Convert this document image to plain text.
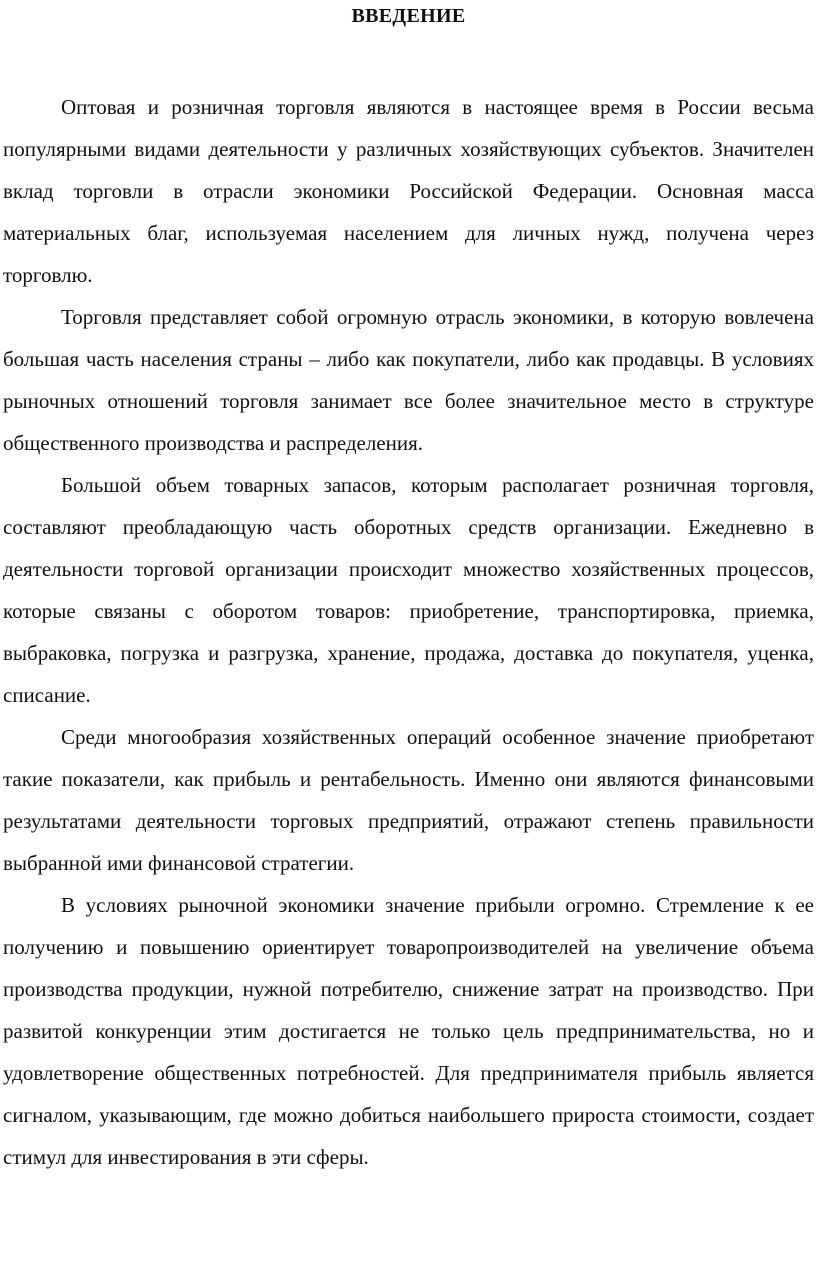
ВВЕДЕНИЕ

Оптовая и розничная торговля являются в настоящее время в России весьма популярными видами деятельности у различных хозяйствующих субъектов. Значителен вклад торговли в отрасли экономики Российской Федерации. Основная масса материальных благ, используемая населением для личных нужд, получена через торговлю.

Торговля представляет собой огромную отрасль экономики, в которую вовлечена большая часть населения страны – либо как покупатели, либо как продавцы. В условиях рыночных отношений торговля занимает все более значительное место в структуре общественного производства и распределения.

Большой объем товарных запасов, которым располагает розничная торговля, составляют преобладающую часть оборотных средств организации. Ежедневно в деятельности торговой организации происходит множество хозяйственных процессов, которые связаны с оборотом товаров: приобретение, транспортировка, приемка, выбраковка, погрузка и разгрузка, хранение, продажа, доставка до покупателя, уценка, списание.

Среди многообразия хозяйственных операций особенное значение приобретают такие показатели, как прибыль и рентабельность. Именно они являются финансовыми результатами деятельности торговых предприятий, отражают степень правильности выбранной ими финансовой стратегии.

В условиях рыночной экономики значение прибыли огромно. Стремление к ее получению и повышению ориентирует товаропроизводителей на увеличение объема производства продукции, нужной потребителю, снижение затрат на производство. При развитой конкуренции этим достигается не только цель предпринимательства, но и удовлетворение общественных потребностей. Для предпринимателя прибыль является сигналом, указывающим, где можно добиться наибольшего прироста стоимости, создает стимул для инвестирования в эти сферы.
